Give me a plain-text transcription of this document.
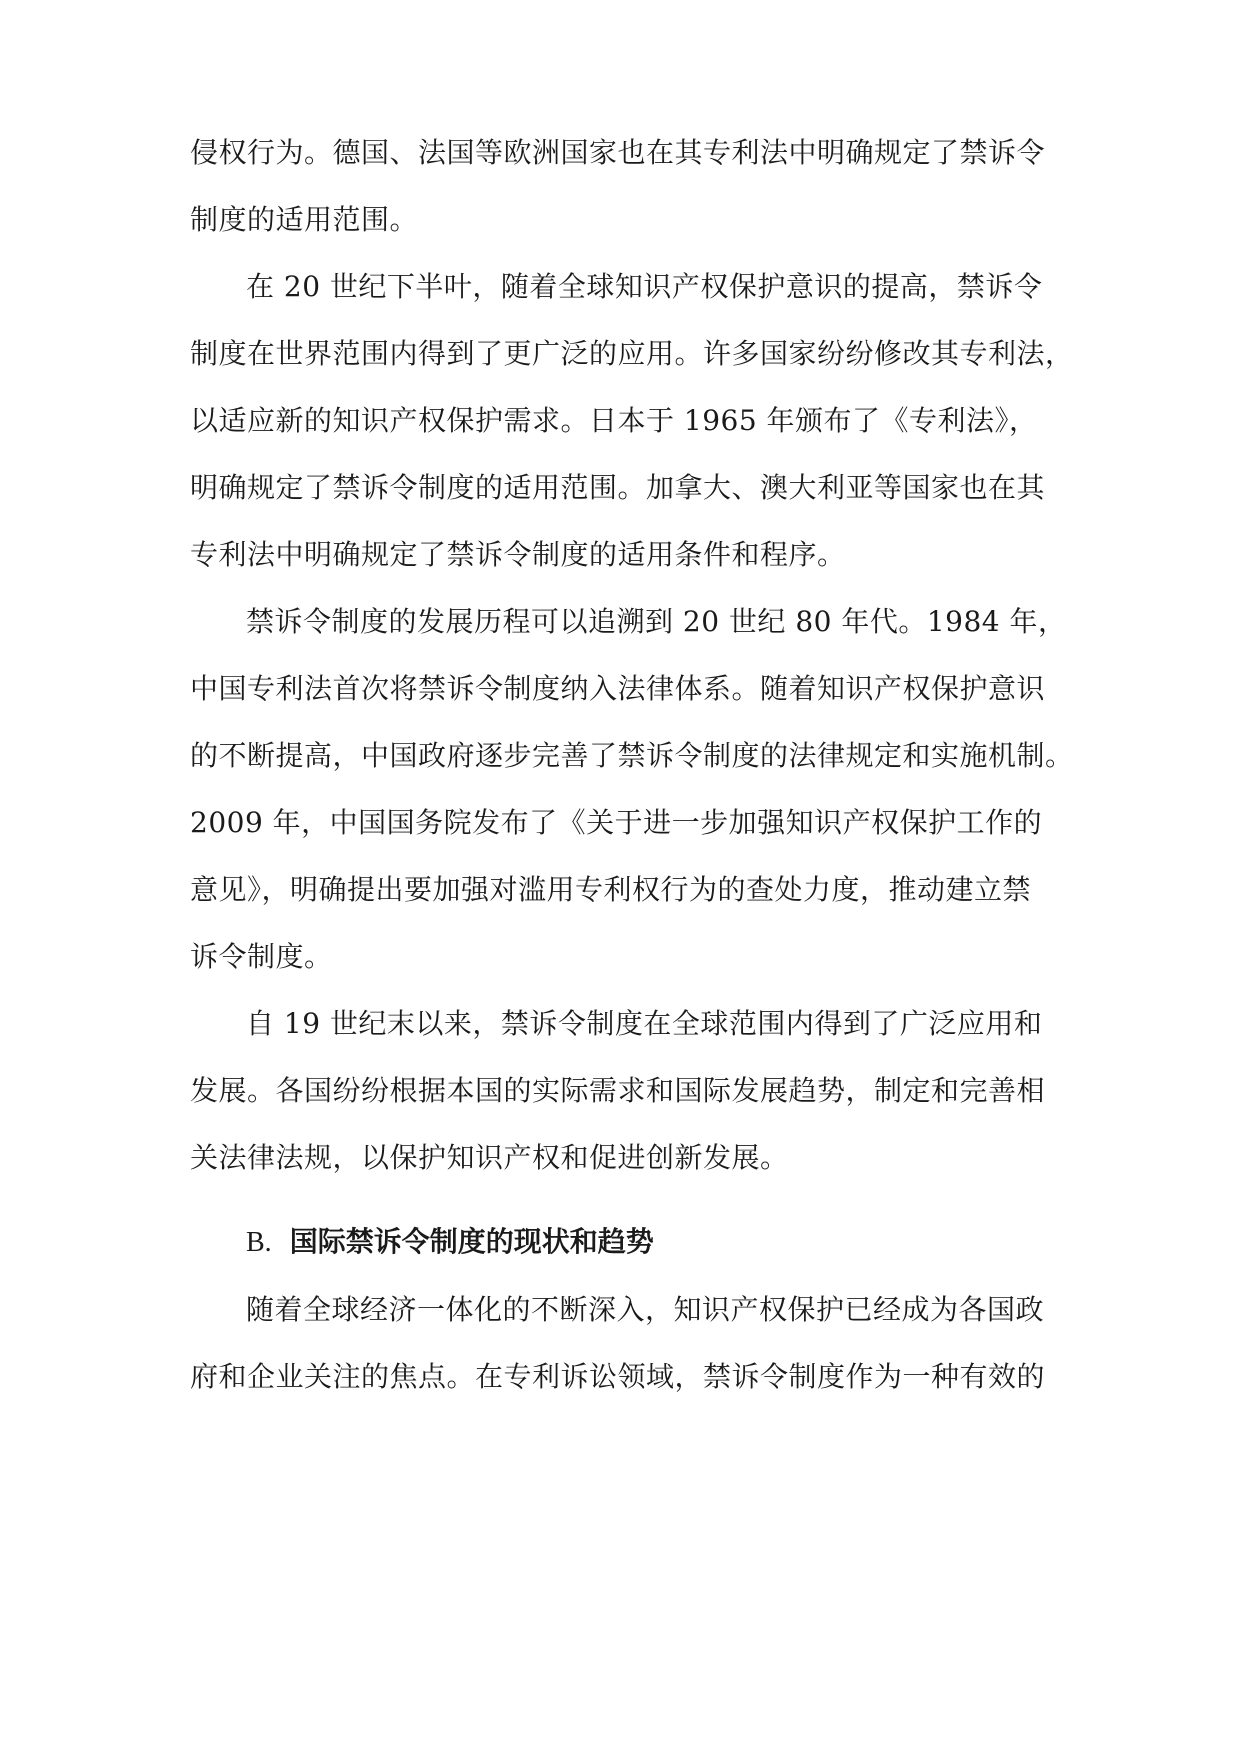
侵权行为。德国、法国等欧洲国家也在其专利法中明确规定了禁诉令
制度的适用范围。
在 20 世纪下半叶，随着全球知识产权保护意识的提高，禁诉令
制度在世界范围内得到了更广泛的应用。许多国家纷纷修改其专利法，
以适应新的知识产权保护需求。日本于 1965 年颁布了《专利法》，
明确规定了禁诉令制度的适用范围。加拿大、澳大利亚等国家也在其
专利法中明确规定了禁诉令制度的适用条件和程序。
禁诉令制度的发展历程可以追溯到 20 世纪 80 年代。1984 年，
中国专利法首次将禁诉令制度纳入法律体系。随着知识产权保护意识
的不断提高，中国政府逐步完善了禁诉令制度的法律规定和实施机制。
2009 年，中国国务院发布了《关于进一步加强知识产权保护工作的
意见》，明确提出要加强对滥用专利权行为的查处力度，推动建立禁
诉令制度。
自 19 世纪末以来，禁诉令制度在全球范围内得到了广泛应用和
发展。各国纷纷根据本国的实际需求和国际发展趋势，制定和完善相
关法律法规，以保护知识产权和促进创新发展。
B. 国际禁诉令制度的现状和趋势
随着全球经济一体化的不断深入，知识产权保护已经成为各国政
府和企业关注的焦点。在专利诉讼领域，禁诉令制度作为一种有效的
